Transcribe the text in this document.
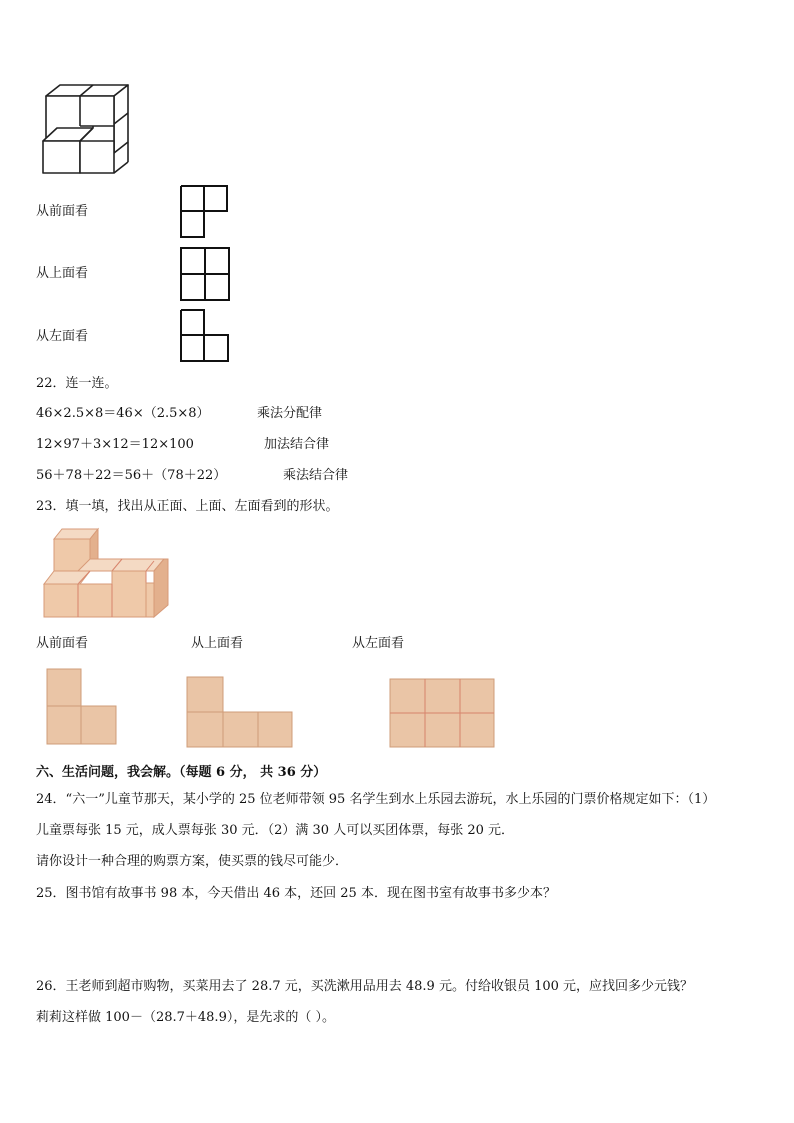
从前面看
从上面看
从左面看
22．连一连。
46×2.5×8＝46×（2.5×8）	乘法分配律
12×97＋3×12＝12×100	加法结合律
56＋78＋22＝56＋（78＋22）	乘法结合律
23．填一填，找出从正面、上面、左面看到的形状。
从前面看	从上面看	从左面看
六、生活问题，我会解。（每题 6 分， 共 36 分）
24．“六一”儿童节那天，某小学的 25 位老师带领 95 名学生到水上乐园去游玩，水上乐园的门票价格规定如下：（1）
儿童票每张 15 元，成人票每张 30 元．（2）满 30 人可以买团体票，每张 20 元．
请你设计一种合理的购票方案，使买票的钱尽可能少．
25．图书馆有故事书 98 本，今天借出 46 本，还回 25 本．现在图书室有故事书多少本？
26．王老师到超市购物，买菜用去了 28.7 元，买洗漱用品用去 48.9 元。付给收银员 100 元，应找回多少元钱？
莉莉这样做 100－（28.7＋48.9），是先求的（ ）。
